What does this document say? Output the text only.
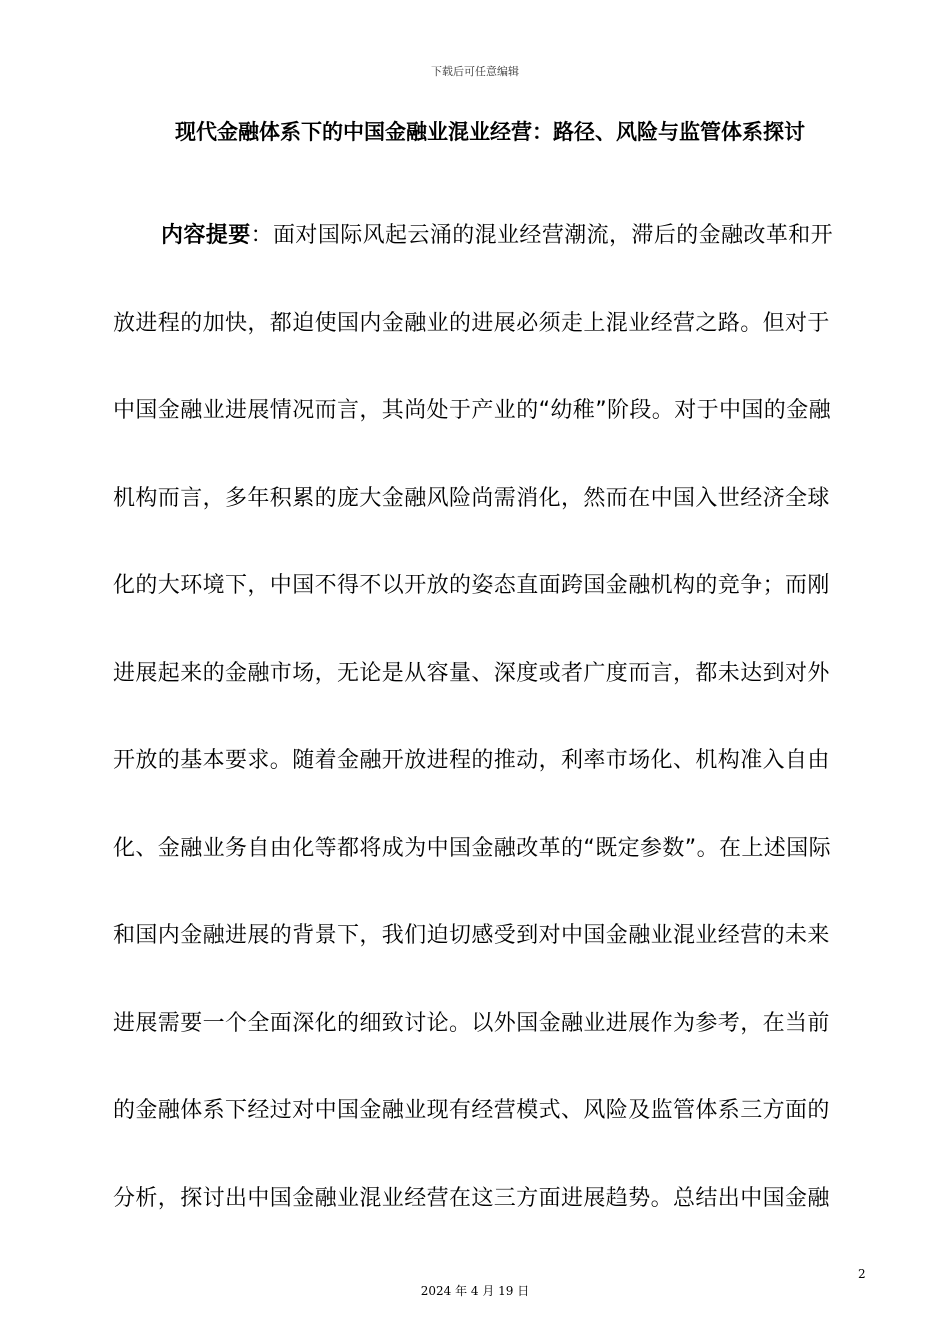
下载后可任意编辑
现代金融体系下的中国金融业混业经营：路径、风险与监管体系探讨
内容提要：面对国际风起云涌的混业经营潮流，滞后的金融改革和开
放进程的加快，都迫使国内金融业的进展必须走上混业经营之路。但对于
中国金融业进展情况而言，其尚处于产业的“幼稚”阶段。对于中国的金融
机构而言，多年积累的庞大金融风险尚需消化，然而在中国入世经济全球
化的大环境下，中国不得不以开放的姿态直面跨国金融机构的竞争；而刚
进展起来的金融市场，无论是从容量、深度或者广度而言，都未达到对外
开放的基本要求。随着金融开放进程的推动，利率市场化、机构准入自由
化、金融业务自由化等都将成为中国金融改革的“既定参数”。在上述国际
和国内金融进展的背景下，我们迫切感受到对中国金融业混业经营的未来
进展需要一个全面深化的细致讨论。以外国金融业进展作为参考，在当前
的金融体系下经过对中国金融业现有经营模式、风险及监管体系三方面的
分析，探讨出中国金融业混业经营在这三方面进展趋势。总结出中国金融
2
2024 年 4 月 19 日
